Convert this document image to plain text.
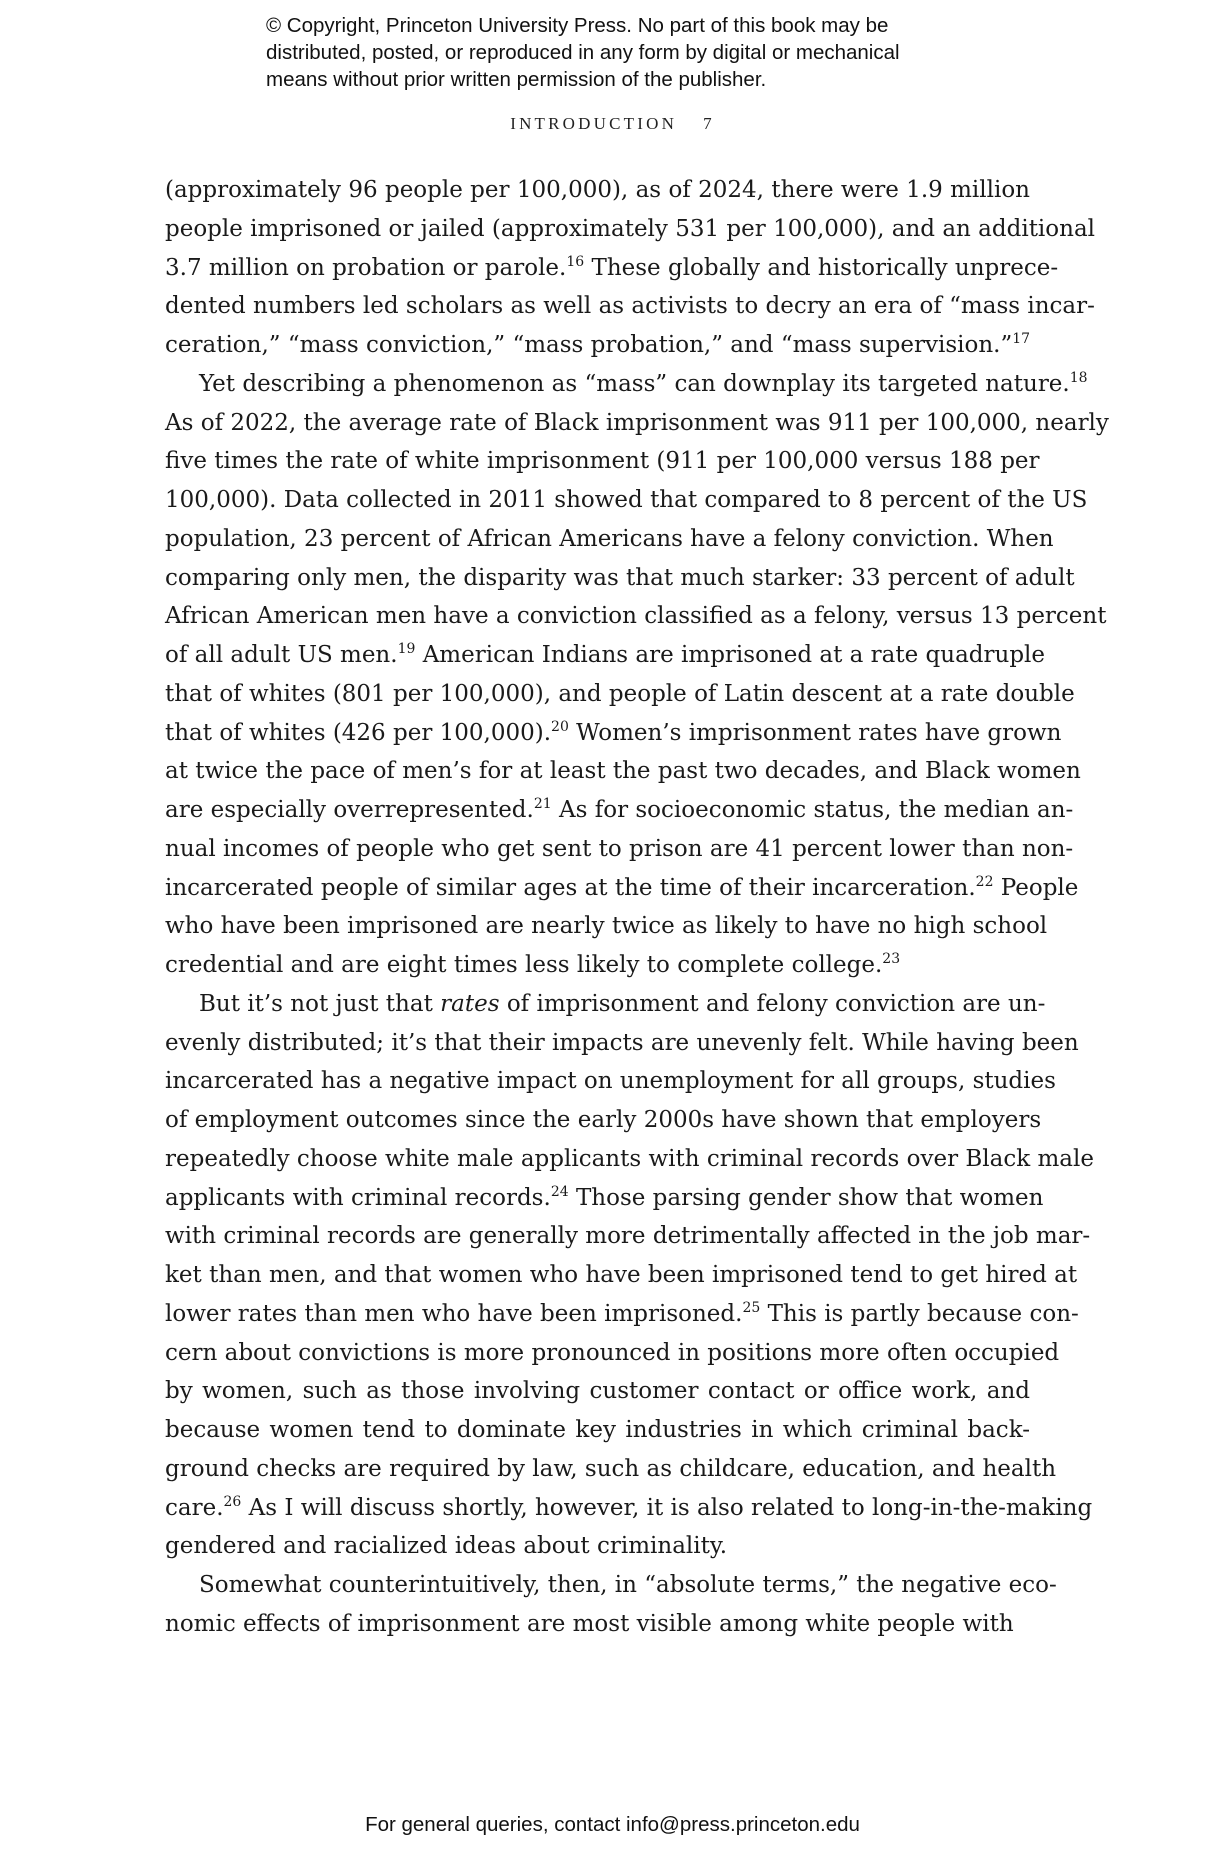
© Copyright, Princeton University Press. No part of this book may be
distributed, posted, or reproduced in any form by digital or mechanical
means without prior written permission of the publisher.
INTRODUCTION 7
(approximately 96 people per 100,000), as of 2024, there were 1.9 million
people imprisoned or jailed (approximately 531 per 100,000), and an additional
3.7 million on probation or parole.$^{16}$ These globally and historically unprece-
dented numbers led scholars as well as activists to decry an era of “mass incar-
ceration,” “mass conviction,” “mass probation,” and “mass supervision.”$^{17}$
Yet describing a phenomenon as “mass” can downplay its targeted nature.$^{18}$
As of 2022, the average rate of Black imprisonment was 911 per 100,000, nearly
five times the rate of white imprisonment (911 per 100,000 versus 188 per
100,000). Data collected in 2011 showed that compared to 8 percent of the US
population, 23 percent of African Americans have a felony conviction. When
comparing only men, the disparity was that much starker: 33 percent of adult
African American men have a conviction classified as a felony, versus 13 percent
of all adult US men.$^{19}$ American Indians are imprisoned at a rate quadruple
that of whites (801 per 100,000), and people of Latin descent at a rate double
that of whites (426 per 100,000).$^{20}$ Women’s imprisonment rates have grown
at twice the pace of men’s for at least the past two decades, and Black women
are especially overrepresented.$^{21}$ As for socioeconomic status, the median an-
nual incomes of people who get sent to prison are 41 percent lower than non-
incarcerated people of similar ages at the time of their incarceration.$^{22}$ People
who have been imprisoned are nearly twice as likely to have no high school
credential and are eight times less likely to complete college.$^{23}$
But it’s not just that rates of imprisonment and felony conviction are un-
evenly distributed; it’s that their impacts are unevenly felt. While having been
incarcerated has a negative impact on unemployment for all groups, studies
of employment outcomes since the early 2000s have shown that employers
repeatedly choose white male applicants with criminal records over Black male
applicants with criminal records.$^{24}$ Those parsing gender show that women
with criminal records are generally more detrimentally affected in the job mar-
ket than men, and that women who have been imprisoned tend to get hired at
lower rates than men who have been imprisoned.$^{25}$ This is partly because con-
cern about convictions is more pronounced in positions more often occupied
by women, such as those involving customer contact or office work, and
because women tend to dominate key industries in which criminal back-
ground checks are required by law, such as childcare, education, and health
care.$^{26}$ As I will discuss shortly, however, it is also related to long-in-the-making
gendered and racialized ideas about criminality.
Somewhat counterintuitively, then, in “absolute terms,” the negative eco-
nomic effects of imprisonment are most visible among white people with
For general queries, contact info@press.princeton.edu
